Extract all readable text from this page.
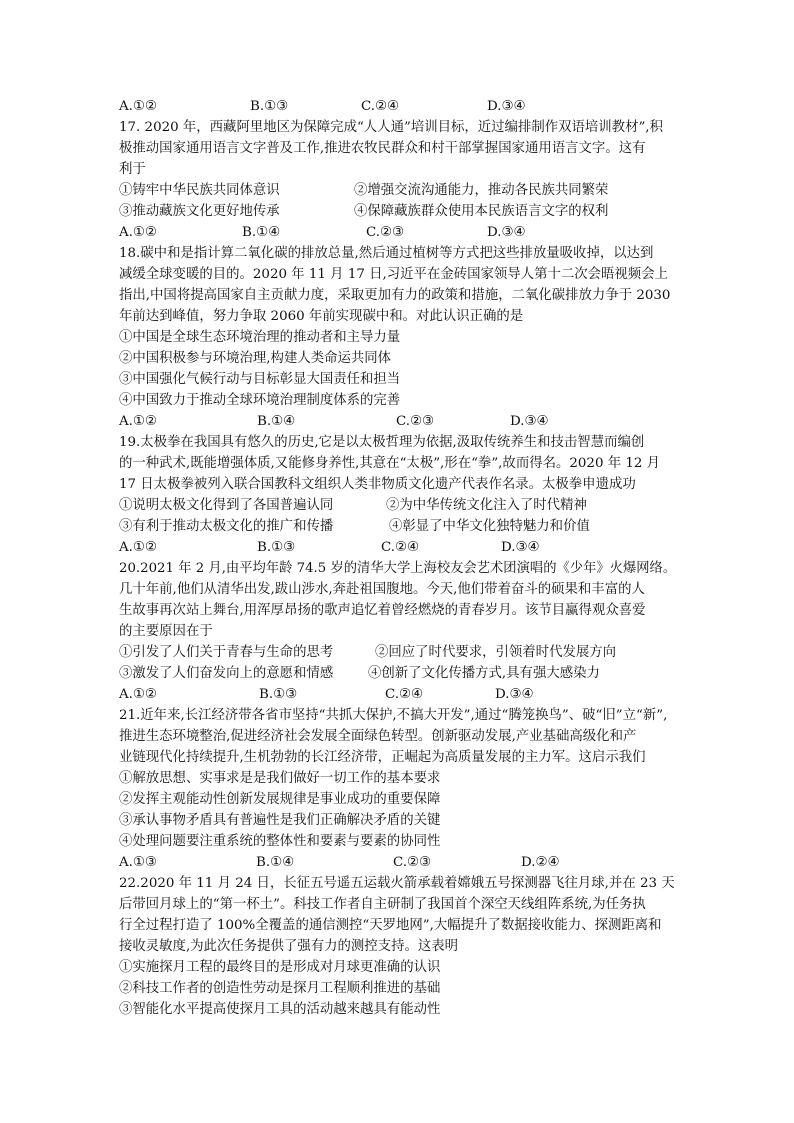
A.①②	B.①③	C.②④	D.③④
17. 2020 年，西藏阿里地区为保障完成“人人通”培训目标，近过编排制作双语培训教材”,积
极推动国家通用语言文字普及工作,推进农牧民群众和村干部掌握国家通用语言文字。这有
利于
①铸牢中华民族共同体意识	②增强交流沟通能力，推动各民族共同繁荣
③推动藏族文化更好地传承	④保障藏族群众使用本民族语言文字的权利
A.①②	B.①④	C.②③	D.③④
18.碳中和是指计算二氧化碳的排放总量,然后通过植树等方式把这些排放量吸收掉，以达到
减缓全球变暖的目的。2020 年 11 月 17 日,习近平在金砖国家领导人第十二次会晤视频会上
指出,中国将提高国家自主贡献力度，采取更加有力的政策和措施，二氧化碳排放力争于 2030
年前达到峰值，努力争取 2060 年前实现碳中和。对此认识正确的是
①中国是全球生态环境治理的推动者和主导力量
②中国积极参与环境治理,构建人类命运共同体
③中国强化气候行动与目标彰显大国责任和担当
④中国致力于推动全球环境治理制度体系的完善
A.①②	B.①④	C.②③	D.③④
19.太极拳在我国具有悠久的历史,它是以太极哲理为依据,汲取传统养生和技击智慧而编创
的一种武术,既能增强体质,又能修身养性,其意在“太极”,形在“拳”,故而得名。2020 年 12 月
17 日太极拳被列入联合国教科文组织人类非物质文化遗产代表作名录。太极拳申遗成功
①说明太极文化得到了各国普遍认同	②为中华传统文化注入了时代精神
③有利于推动太极文化的推广和传播	④彰显了中华文化独特魅力和价值
A.①②	B.①③	C.②④	D.③④
20.2021 年 2 月,由平均年龄 74.5 岁的清华大学上海校友会艺术团演唱的《少年》火爆网络。
几十年前,他们从清华出发,跋山涉水,奔赴祖国腹地。今天,他们带着奋斗的硕果和丰富的人
生故事再次站上舞台,用浑厚昂扬的歌声追忆着曾经燃烧的青春岁月。该节目赢得观众喜爱
的主要原因在于
①引发了人们关于青春与生命的思考	②回应了时代要求，引领着时代发展方向
③激发了人们奋发向上的意愿和情感	④创新了文化传播方式,具有强大感染力
A.①②	B.①③	C.②④	D.③④
21.近年来,长江经济带各省市坚持“共抓大保护,不搞大开发”,通过“腾笼换鸟”、破“旧”立“新”,
推进生态环境整治,促进经济社会发展全面绿色转型。创新驱动发展,产业基础高级化和产
业链现代化持续提升,生机勃勃的长江经济带，正崛起为高质量发展的主力军。这启示我们
①解放思想、实事求是是我们做好一切工作的基本要求
②发挥主观能动性创新发展规律是事业成功的重要保障
③承认事物矛盾具有普遍性是我们正确解决矛盾的关键
④处理问题要注重系统的整体性和要素与要素的协同性
A.①③	B.①④	C.②③	D.②④
22.2020 年 11 月 24 日，长征五号遥五运载火箭承载着嫦娥五号探测器飞往月球,并在 23 天
后带回月球上的“第一杯土”。科技工作者自主研制了我国首个深空天线组阵系统,为任务执
行全过程打造了 100%全覆盖的通信测控“天罗地网”,大幅提升了数据接收能力、探测距离和
接收灵敏度,为此次任务提供了强有力的测控支持。这表明
①实施探月工程的最终目的是形成对月球更准确的认识
②科技工作者的创造性劳动是探月工程顺利推进的基础
③智能化水平提高使探月工具的活动越来越具有能动性
